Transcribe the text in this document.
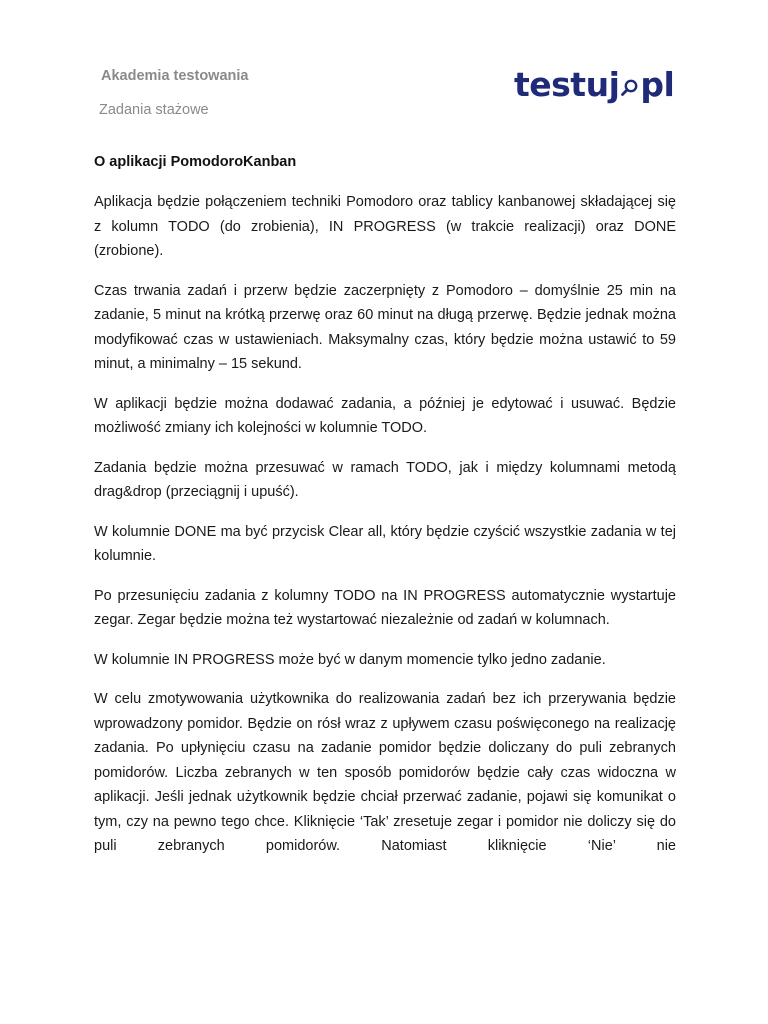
Akademia testowania
Zadania stażowe
testuj pl
O aplikacji PomodoroKanban

Aplikacja będzie połączeniem techniki Pomodoro oraz tablicy kanbanowej składającej się z kolumn TODO (do zrobienia), IN PROGRESS (w trakcie realizacji) oraz DONE (zrobione).

Czas trwania zadań i przerw będzie zaczerpnięty z Pomodoro – domyślnie 25 min na zadanie, 5 minut na krótką przerwę oraz 60 minut na długą przerwę. Będzie jednak można modyfikować czas w ustawieniach. Maksymalny czas, który będzie można ustawić to 59 minut, a minimalny – 15 sekund.

W aplikacji będzie można dodawać zadania, a później je edytować i usuwać. Będzie możliwość zmiany ich kolejności w kolumnie TODO.

Zadania będzie można przesuwać w ramach TODO, jak i między kolumnami metodą drag&drop (przeciągnij i upuść).

W kolumnie DONE ma być przycisk Clear all, który będzie czyścić wszystkie zadania w tej kolumnie.

Po przesunięciu zadania z kolumny TODO na IN PROGRESS automatycznie wystartuje zegar. Zegar będzie można też wystartować niezależnie od zadań w kolumnach.

W kolumnie IN PROGRESS może być w danym momencie tylko jedno zadanie.

W celu zmotywowania użytkownika do realizowania zadań bez ich przerywania będzie wprowadzony pomidor. Będzie on rósł wraz z upływem czasu poświęconego na realizację zadania. Po upłynięciu czasu na zadanie pomidor będzie doliczany do puli zebranych pomidorów. Liczba zebranych w ten sposób pomidorów będzie cały czas widoczna w aplikacji. Jeśli jednak użytkownik będzie chciał przerwać zadanie, pojawi się komunikat o tym, czy na pewno tego chce. Kliknięcie ‘Tak’ zresetuje zegar i pomidor nie doliczy się do puli zebranych pomidorów. Natomiast kliknięcie ‘Nie’ nie
